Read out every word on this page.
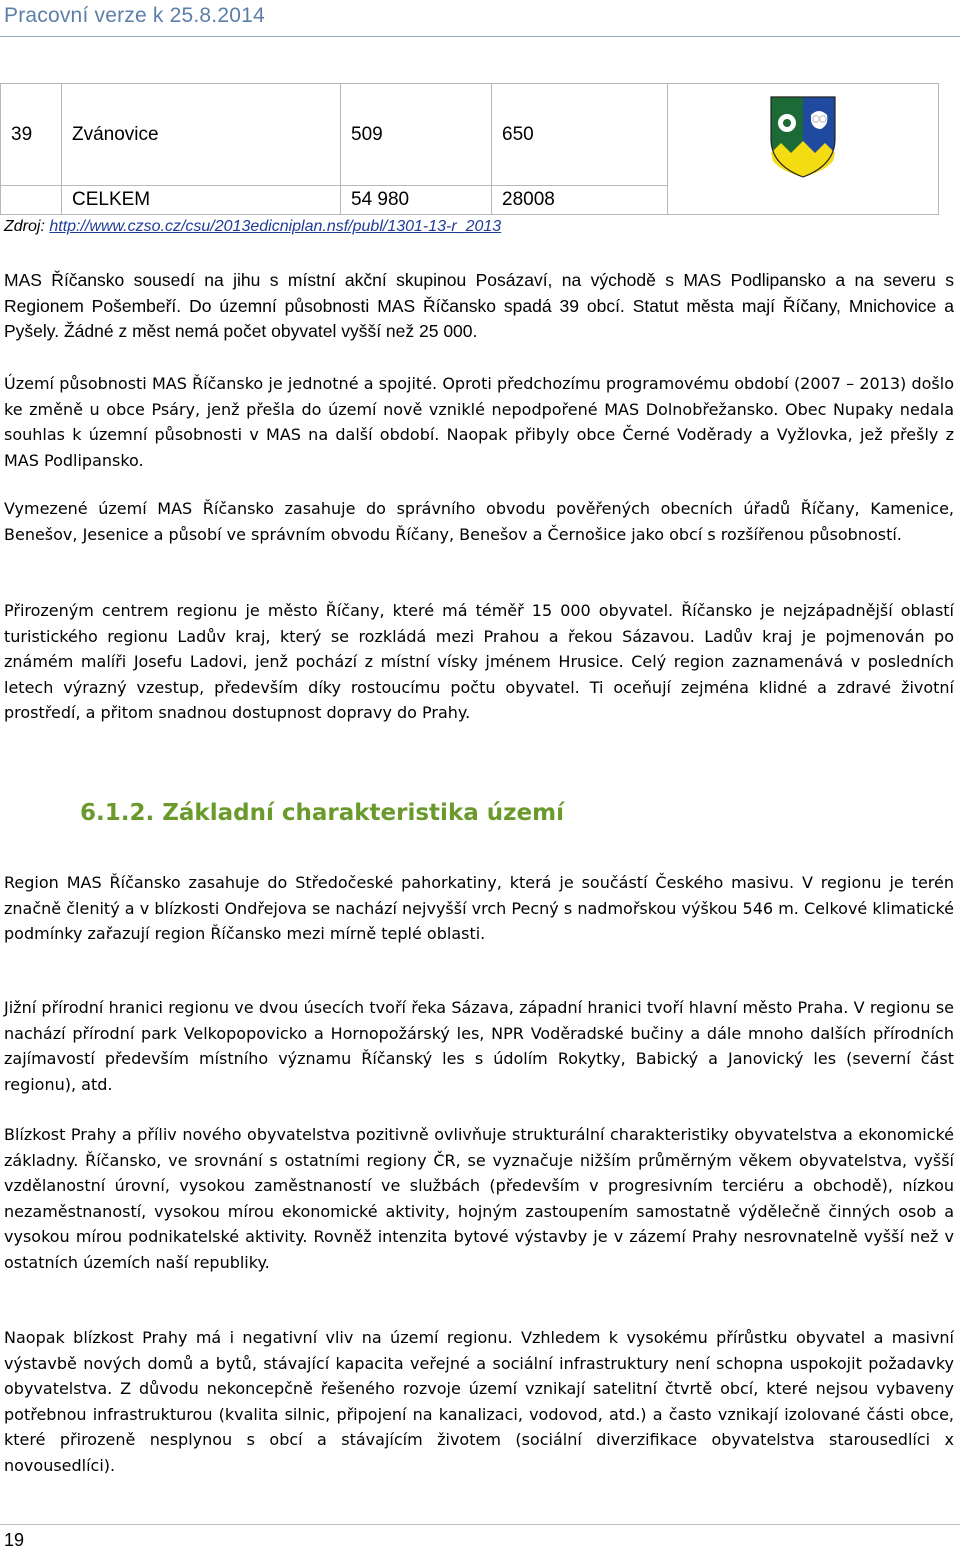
Pracovní verze k 25.8.2014
39	Zvánovice	509	650	

	CELKEM	54 980	28008	
Zdroj: http://www.czso.cz/csu/2013edicniplan.nsf/publ/1301-13-r_2013

MAS Říčansko sousedí na jihu s místní akční skupinou Posázaví, na východě s MAS Podlipansko a na severu s Regionem Pošembeří. Do územní působnosti MAS Říčansko spadá 39 obcí. Statut města mají Říčany, Mnichovice a Pyšely. Žádné z měst nemá počet obyvatel vyšší než 25 000.

Území působnosti MAS Říčansko je jednotné a spojité. Oproti předchozímu programovému období (2007 – 2013) došlo ke změně u obce Psáry, jenž přešla do území nově vzniklé nepodpořené MAS Dolnobřežansko. Obec Nupaky nedala souhlas k územní působnosti v MAS na další období. Naopak přibyly obce Černé Voděrady a Vyžlovka, jež přešly z MAS Podlipansko.

Vymezené území MAS Říčansko zasahuje do správního obvodu pověřených obecních úřadů Říčany, Kamenice, Benešov, Jesenice a působí ve správním obvodu Říčany, Benešov a Černošice jako obcí s rozšířenou působností.

Přirozeným centrem regionu je město Říčany, které má téměř 15 000 obyvatel. Říčansko je nejzápadnější oblastí turistického regionu Ladův kraj, který se rozkládá mezi Prahou a řekou Sázavou. Ladův kraj je pojmenován po známém malíři Josefu Ladovi, jenž pochází z místní vísky jménem Hrusice. Celý region zaznamenává v posledních letech výrazný vzestup, především díky rostoucímu počtu obyvatel. Ti oceňují zejména klidné a zdravé životní prostředí, a přitom snadnou dostupnost dopravy do Prahy.

6.1.2. Základní charakteristika území

Region MAS Říčansko zasahuje do Středočeské pahorkatiny, která je součástí Českého masivu. V regionu je terén značně členitý a v blízkosti Ondřejova se nachází nejvyšší vrch Pecný s nadmořskou výškou 546 m. Celkové klimatické podmínky zařazují region Říčansko mezi mírně teplé oblasti.

Jižní přírodní hranici regionu ve dvou úsecích tvoří řeka Sázava, západní hranici tvoří hlavní město Praha. V regionu se nachází přírodní park Velkopopovicko a Hornopožárský les, NPR Voděradské bučiny a dále mnoho dalších přírodních zajímavostí především místního významu Říčanský les s údolím Rokytky, Babický a Janovický les (severní část regionu), atd.

Blízkost Prahy a příliv nového obyvatelstva pozitivně ovlivňuje strukturální charakteristiky obyvatelstva a ekonomické základny. Říčansko, ve srovnání s ostatními regiony ČR, se vyznačuje nižším průměrným věkem obyvatelstva, vyšší vzdělanostní úrovní, vysokou zaměstnaností ve službách (především v progresivním terciéru a obchodě), nízkou nezaměstnaností, vysokou mírou ekonomické aktivity, hojným zastoupením samostatně výdělečně činných osob a vysokou mírou podnikatelské aktivity. Rovněž intenzita bytové výstavby je v zázemí Prahy nesrovnatelně vyšší než v ostatních územích naší republiky.

Naopak blízkost Prahy má i negativní vliv na území regionu. Vzhledem k vysokému přírůstku obyvatel a masivní výstavbě nových domů a bytů, stávající kapacita veřejné a sociální infrastruktury není schopna uspokojit požadavky obyvatelstva. Z důvodu nekoncepčně řešeného rozvoje území vznikají satelitní čtvrtě obcí, které nejsou vybaveny potřebnou infrastrukturou (kvalita silnic, připojení na kanalizaci, vodovod, atd.) a často vznikají izolované části obce, které přirozeně nesplynou s obcí a stávajícím životem (sociální diverzifikace obyvatelstva starousedlíci x novousedlíci).

19
